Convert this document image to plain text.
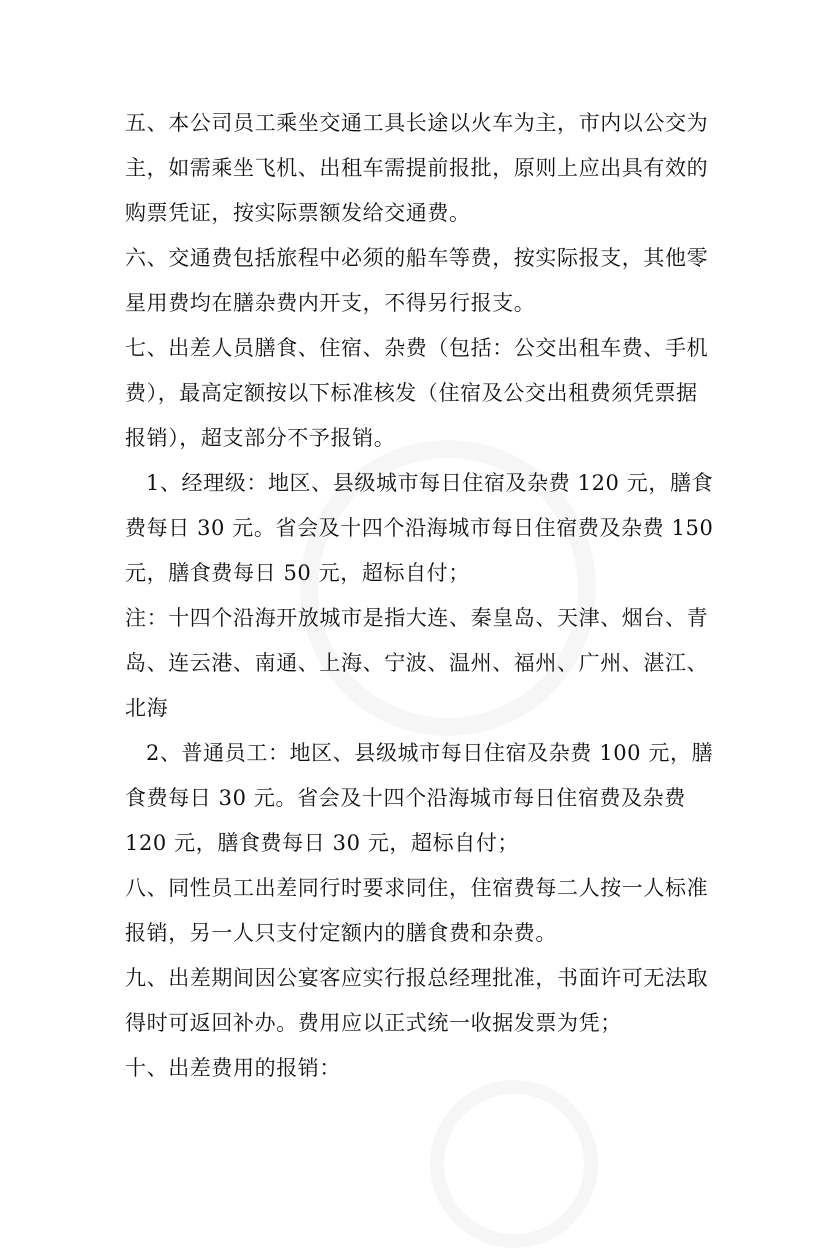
五、本公司员工乘坐交通工具长途以火车为主，市内以公交为主，如需乘坐飞机、出租车需提前报批，原则上应出具有效的购票凭证，按实际票额发给交通费。

六、交通费包括旅程中必须的船车等费，按实际报支，其他零星用费均在膳杂费内开支，不得另行报支。

七、出差人员膳食、住宿、杂费（包括：公交出租车费、手机费），最高定额按以下标准核发（住宿及公交出租费须凭票据报销），超支部分不予报销。

1、经理级：地区、县级城市每日住宿及杂费 120 元，膳食费每日 30 元。省会及十四个沿海城市每日住宿费及杂费 150 元，膳食费每日 50 元，超标自付；

注：十四个沿海开放城市是指大连、秦皇岛、天津、烟台、青岛、连云港、南通、上海、宁波、温州、福州、广州、湛江、北海

2、普通员工：地区、县级城市每日住宿及杂费 100 元，膳食费每日 30 元。省会及十四个沿海城市每日住宿费及杂费 120 元，膳食费每日 30 元，超标自付；

八、同性员工出差同行时要求同住，住宿费每二人按一人标准报销，另一人只支付定额内的膳食费和杂费。

九、出差期间因公宴客应实行报总经理批准，书面许可无法取得时可返回补办。费用应以正式统一收据发票为凭；

十、出差费用的报销：
